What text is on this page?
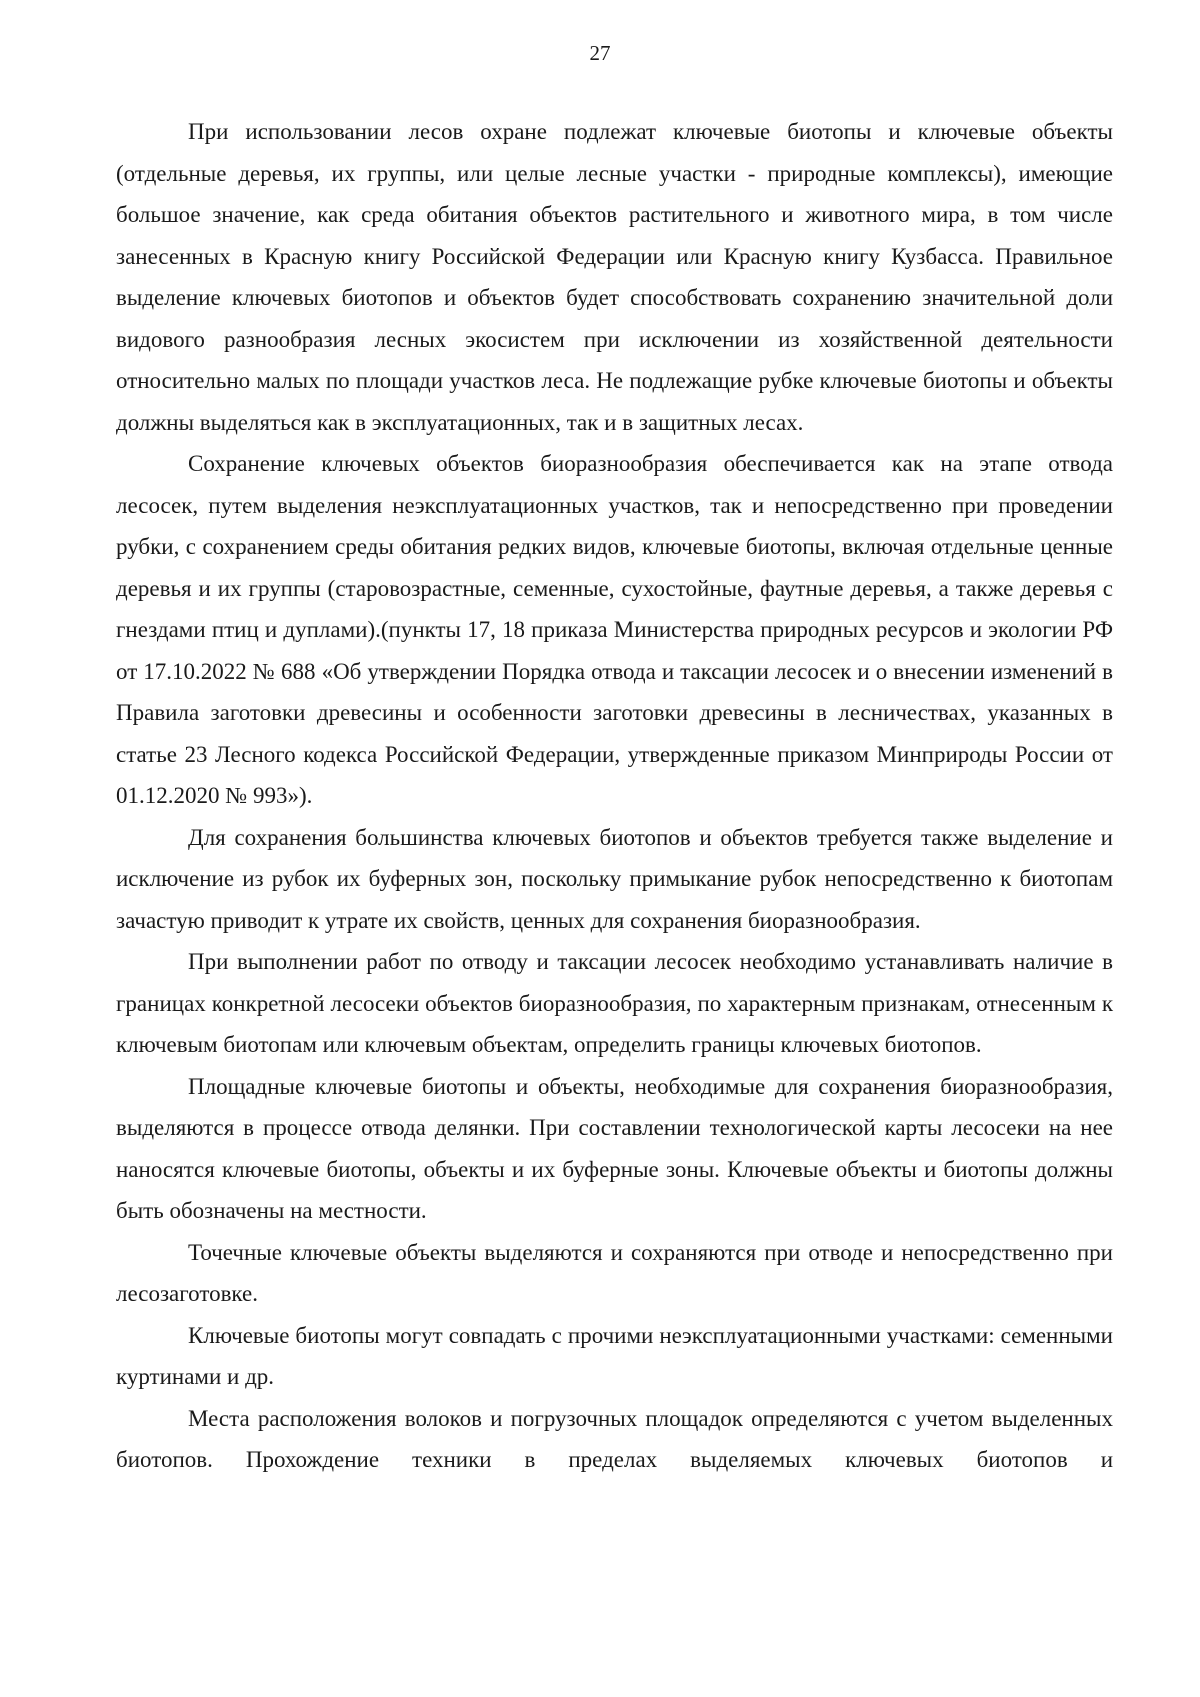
27

При использовании лесов охране подлежат ключевые биотопы и ключевые объекты (отдельные деревья, их группы, или целые лесные участки - природные комплексы), имеющие большое значение, как среда обитания объектов растительного и животного мира, в том числе занесенных в Красную книгу Российской Федерации или Красную книгу Кузбасса. Правильное выделение ключевых биотопов и объектов будет способствовать сохранению значительной доли видового разнообразия лесных экосистем при исключении из хозяйственной деятельности относительно малых по площади участков леса. Не подлежащие рубке ключевые биотопы и объекты должны выделяться как в эксплуатационных, так и в защитных лесах.

Сохранение ключевых объектов биоразнообразия обеспечивается как на этапе отвода лесосек, путем выделения неэксплуатационных участков, так и непосредственно при проведении рубки, с сохранением среды обитания редких видов, ключевые биотопы, включая отдельные ценные деревья и их группы (старовозрастные, семенные, сухостойные, фаутные деревья, а также деревья с гнездами птиц и дуплами).(пункты 17, 18 приказа Министерства природных ресурсов и экологии РФ от 17.10.2022 № 688 «Об утверждении Порядка отвода и таксации лесосек и о внесении изменений в Правила заготовки древесины и особенности заготовки древесины в лесничествах, указанных в статье 23 Лесного кодекса Российской Федерации, утвержденные приказом Минприроды России от 01.12.2020 № 993»).

Для сохранения большинства ключевых биотопов и объектов требуется также выделение и исключение из рубок их буферных зон, поскольку примыкание рубок непосредственно к биотопам зачастую приводит к утрате их свойств, ценных для сохранения биоразнообразия.

При выполнении работ по отводу и таксации лесосек необходимо устанавливать наличие в границах конкретной лесосеки объектов биоразнообразия, по характерным признакам, отнесенным к ключевым биотопам или ключевым объектам, определить границы ключевых биотопов.

Площадные ключевые биотопы и объекты, необходимые для сохранения биоразнообразия, выделяются в процессе отвода делянки. При составлении технологической карты лесосеки на нее наносятся ключевые биотопы, объекты и их буферные зоны. Ключевые объекты и биотопы должны быть обозначены на местности.

Точечные ключевые объекты выделяются и сохраняются при отводе и непосредственно при лесозаготовке.

Ключевые биотопы могут совпадать с прочими неэксплуатационными участками: семенными куртинами и др.

Места расположения волоков и погрузочных площадок определяются с учетом выделенных биотопов. Прохождение техники в пределах выделяемых ключевых биотопов и
